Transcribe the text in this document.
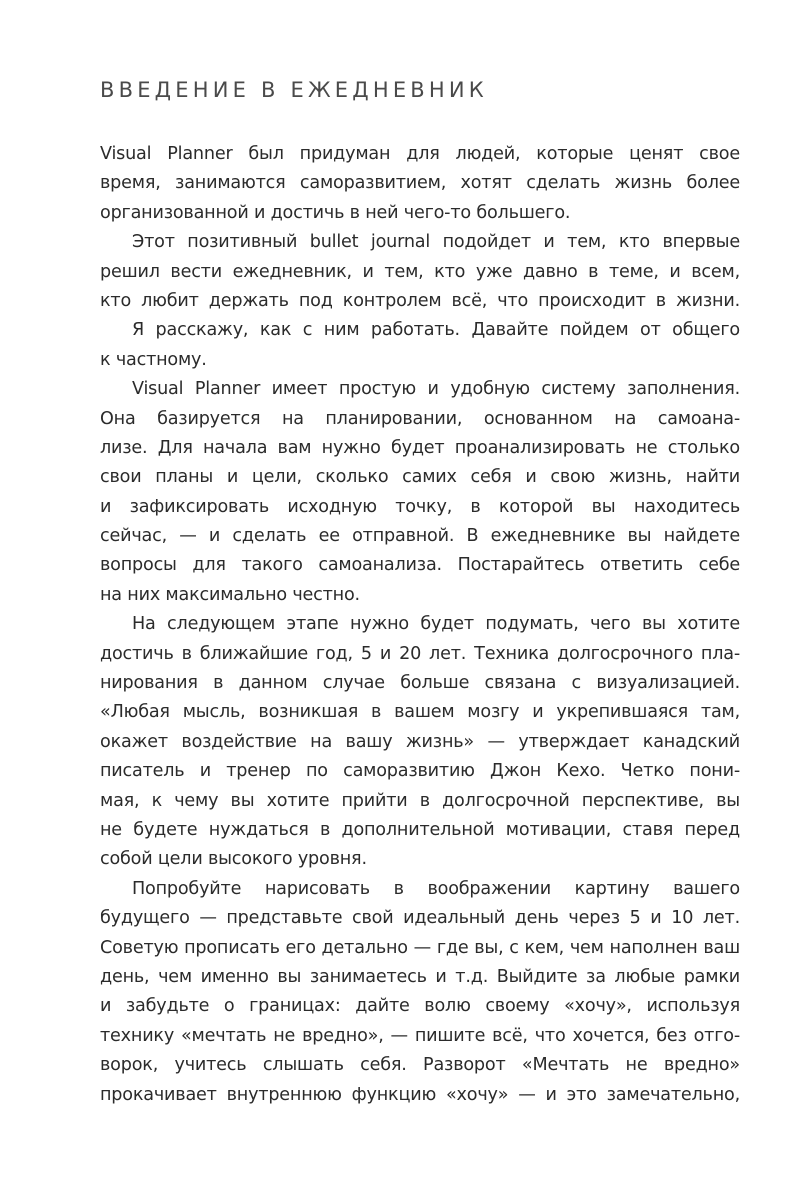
ВВЕДЕНИЕ В ЕЖЕДНЕВНИК
Visual Planner был придуман для людей, которые ценят свое
время, занимаются саморазвитием, хотят сделать жизнь более
организованной и достичь в ней чего-то большего.
Этот позитивный bullet journal подойдет и тем, кто впервые
решил вести ежедневник, и тем, кто уже давно в теме, и всем,
кто любит держать под контролем всё, что происходит в жизни.
Я расскажу, как с ним работать. Давайте пойдем от общего
к частному.
Visual Planner имеет простую и удобную систему заполнения.
Она базируется на планировании, основанном на самоана-
лизе. Для начала вам нужно будет проанализировать не столько
свои планы и цели, сколько самих себя и свою жизнь, найти
и зафиксировать исходную точку, в которой вы находитесь
сейчас, — и сделать ее отправной. В ежедневнике вы найдете
вопросы для такого самоанализа. Постарайтесь ответить себе
на них максимально честно.
На следующем этапе нужно будет подумать, чего вы хотите
достичь в ближайшие год, 5 и 20 лет. Техника долгосрочного пла-
нирования в данном случае больше связана с визуализацией.
«Любая мысль, возникшая в вашем мозгу и укрепившаяся там,
окажет воздействие на вашу жизнь» — утверждает канадский
писатель и тренер по саморазвитию Джон Кехо. Четко пони-
мая, к чему вы хотите прийти в долгосрочной перспективе, вы
не будете нуждаться в дополнительной мотивации, ставя перед
собой цели высокого уровня.
Попробуйте нарисовать в воображении картину вашего
будущего — представьте свой идеальный день через 5 и 10 лет.
Советую прописать его детально — где вы, с кем, чем наполнен ваш
день, чем именно вы занимаетесь и т.д. Выйдите за любые рамки
и забудьте о границах: дайте волю своему «хочу», используя
технику «мечтать не вредно», — пишите всё, что хочется, без отго-
ворок, учитесь слышать себя. Разворот «Мечтать не вредно»
прокачивает внутреннюю функцию «хочу» — и это замечательно,
